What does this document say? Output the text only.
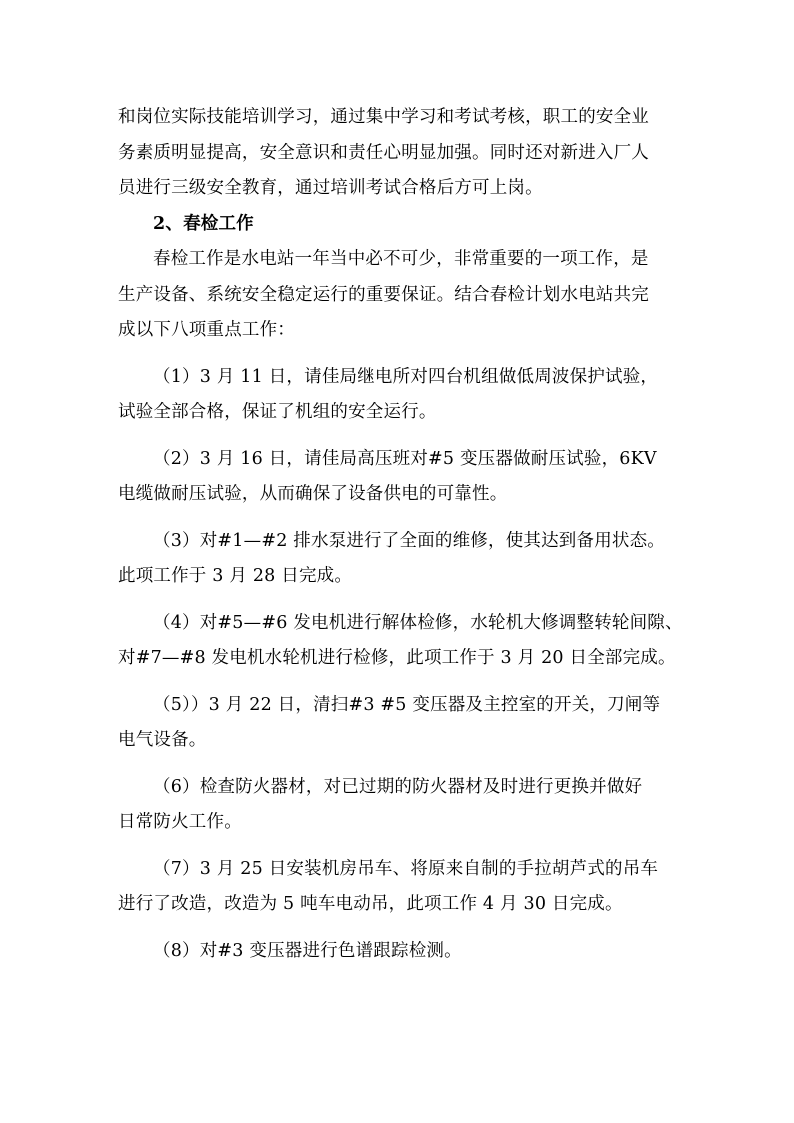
和岗位实际技能培训学习，通过集中学习和考试考核，职工的安全业
务素质明显提高，安全意识和责任心明显加强。同时还对新进入厂人
员进行三级安全教育，通过培训考试合格后方可上岗。
2、春检工作
春检工作是水电站一年当中必不可少，非常重要的一项工作，是
生产设备、系统安全稳定运行的重要保证。结合春检计划水电站共完
成以下八项重点工作：
（1）3 月 11 日，请佳局继电所对四台机组做低周波保护试验，
试验全部合格，保证了机组的安全运行。
（2）3 月 16 日，请佳局高压班对#5 变压器做耐压试验，6KV
电缆做耐压试验，从而确保了设备供电的可靠性。
（3）对#1—#2 排水泵进行了全面的维修，使其达到备用状态。
此项工作于 3 月 28 日完成。
（4）对#5—#6 发电机进行解体检修，水轮机大修调整转轮间隙、
对#7—#8 发电机水轮机进行检修，此项工作于 3 月 20 日全部完成。
（5））3 月 22 日，清扫#3 #5 变压器及主控室的开关，刀闸等
电气设备。
（6）检查防火器材，对已过期的防火器材及时进行更换并做好
日常防火工作。
（7）3 月 25 日安装机房吊车、将原来自制的手拉胡芦式的吊车
进行了改造，改造为 5 吨车电动吊，此项工作 4 月 30 日完成。
（8）对#3 变压器进行色谱跟踪检测。
